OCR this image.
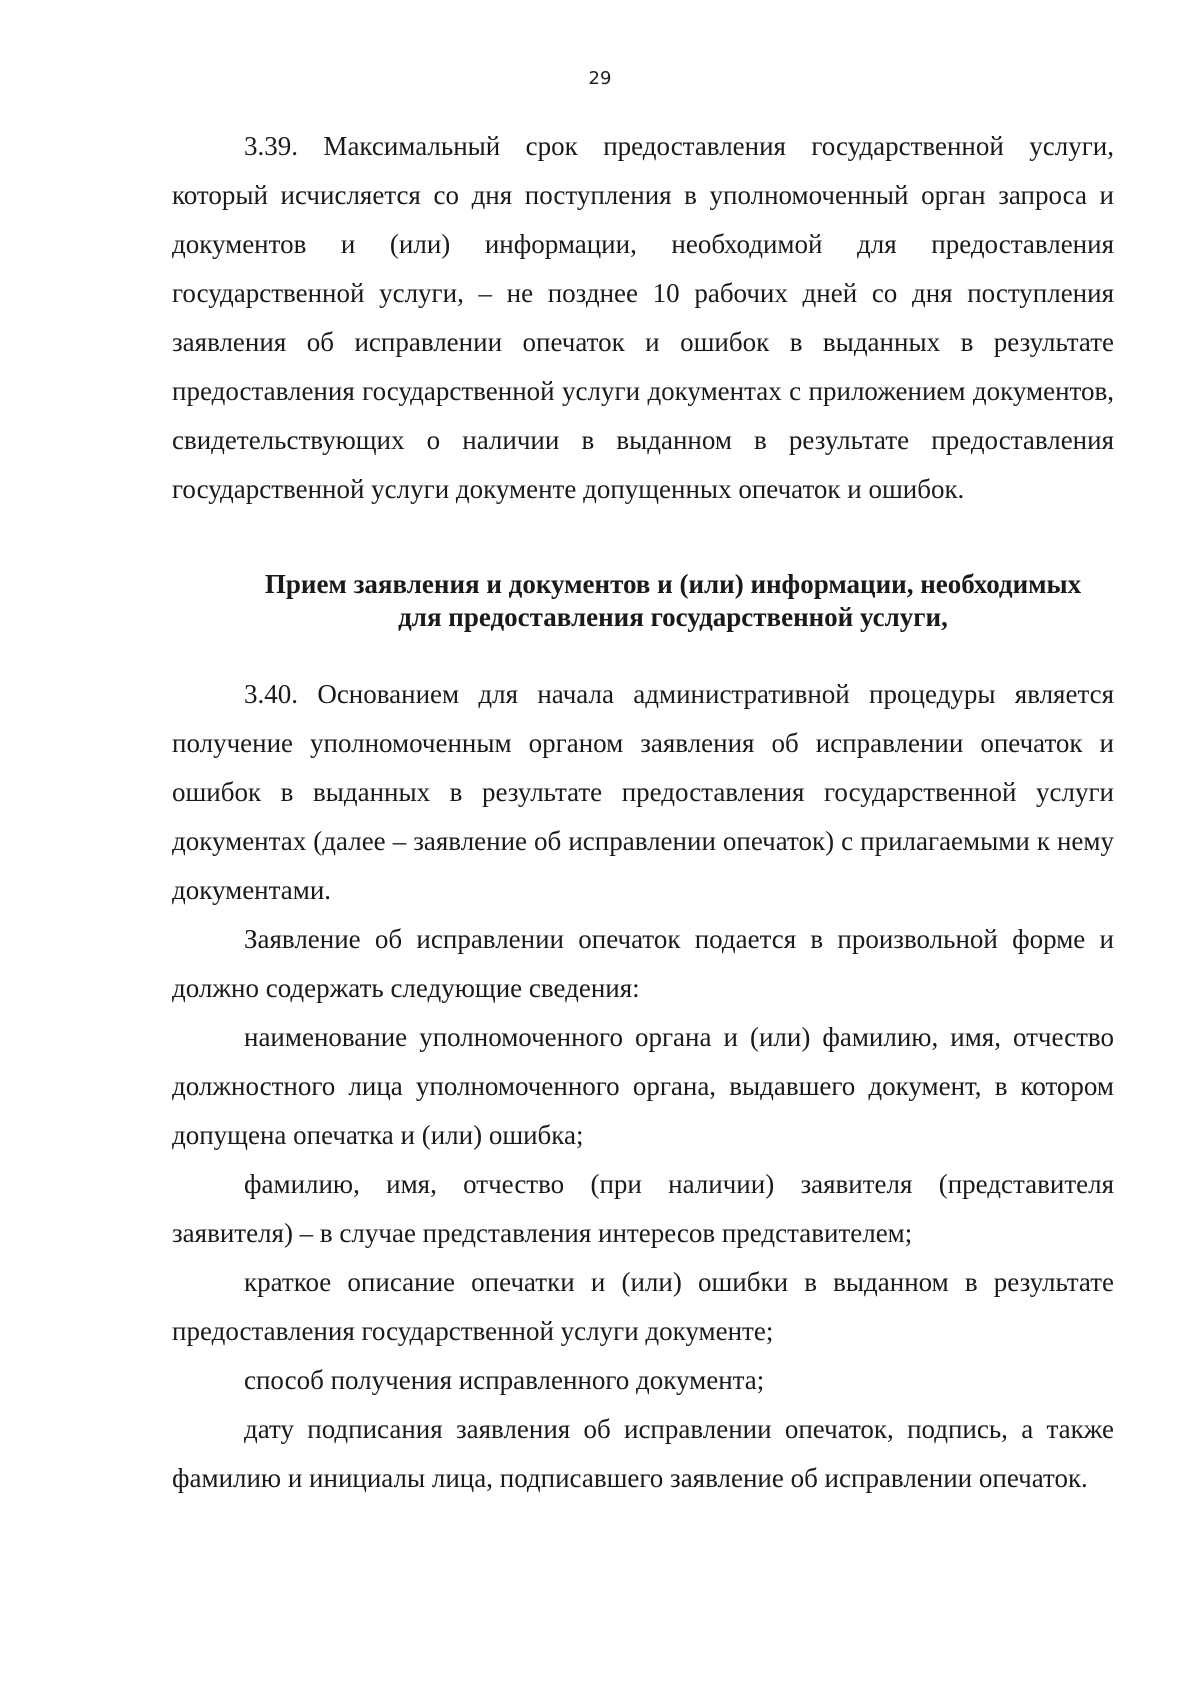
29

3.39. Максимальный срок предоставления государственной услуги, который исчисляется со дня поступления в уполномоченный орган запроса и документов и (или) информации, необходимой для предоставления государственной услуги, – не позднее 10 рабочих дней со дня поступления заявления об исправлении опечаток и ошибок в выданных в результате предоставления государственной услуги документах с приложением документов, свидетельствующих о наличии в выданном в результате предоставления государственной услуги документе допущенных опечаток и ошибок.

Прием заявления и документов и (или) информации, необходимых
для предоставления государственной услуги,

3.40. Основанием для начала административной процедуры является получение уполномоченным органом заявления об исправлении опечаток и ошибок в выданных в результате предоставления государственной услуги документах (далее – заявление об исправлении опечаток) с прилагаемыми к нему документами.

Заявление об исправлении опечаток подается в произвольной форме и должно содержать следующие сведения:

наименование уполномоченного органа и (или) фамилию, имя, отчество должностного лица уполномоченного органа, выдавшего документ, в котором допущена опечатка и (или) ошибка;

фамилию, имя, отчество (при наличии) заявителя (представителя заявителя) – в случае представления интересов представителем;

краткое описание опечатки и (или) ошибки в выданном в результате предоставления государственной услуги документе;

способ получения исправленного документа;

дату подписания заявления об исправлении опечаток, подпись, а также фамилию и инициалы лица, подписавшего заявление об исправлении опечаток.
